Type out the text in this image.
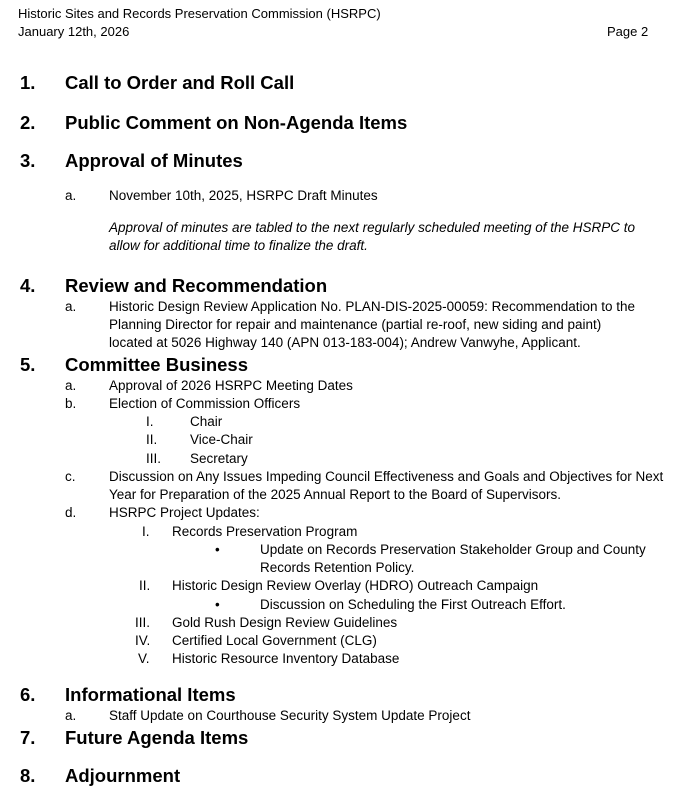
Historic Sites and Records Preservation Commission (HSRPC)
January 12th, 2026	Page 2
1. Call to Order and Roll Call
2. Public Comment on Non-Agenda Items
3. Approval of Minutes
a. November 10th, 2025, HSRPC Draft Minutes
Approval of minutes are tabled to the next regularly scheduled meeting of the HSRPC to
allow for additional time to finalize the draft.
4. Review and Recommendation
a. Historic Design Review Application No. PLAN-DIS-2025-00059: Recommendation to the
Planning Director for repair and maintenance (partial re-roof, new siding and paint)
located at 5026 Highway 140 (APN 013-183-004); Andrew Vanwyhe, Applicant.
5. Committee Business
a. Approval of 2026 HSRPC Meeting Dates
b. Election of Commission Officers
I.	Chair
II. Vice-Chair
III. Secretary
c. Discussion on Any Issues Impeding Council Effectiveness and Goals and Objectives for Next
Year for Preparation of the 2025 Annual Report to the Board of Supervisors.
d. HSRPC Project Updates:
I. Records Preservation Program
•	Update on Records Preservation Stakeholder Group and County
Records Retention Policy.
II. Historic Design Review Overlay (HDRO) Outreach Campaign
•	Discussion on Scheduling the First Outreach Effort.
III. Gold Rush Design Review Guidelines
IV. Certified Local Government (CLG)
V. Historic Resource Inventory Database
6. Informational Items
a. Staff Update on Courthouse Security System Update Project
7. Future Agenda Items
8. Adjournment
